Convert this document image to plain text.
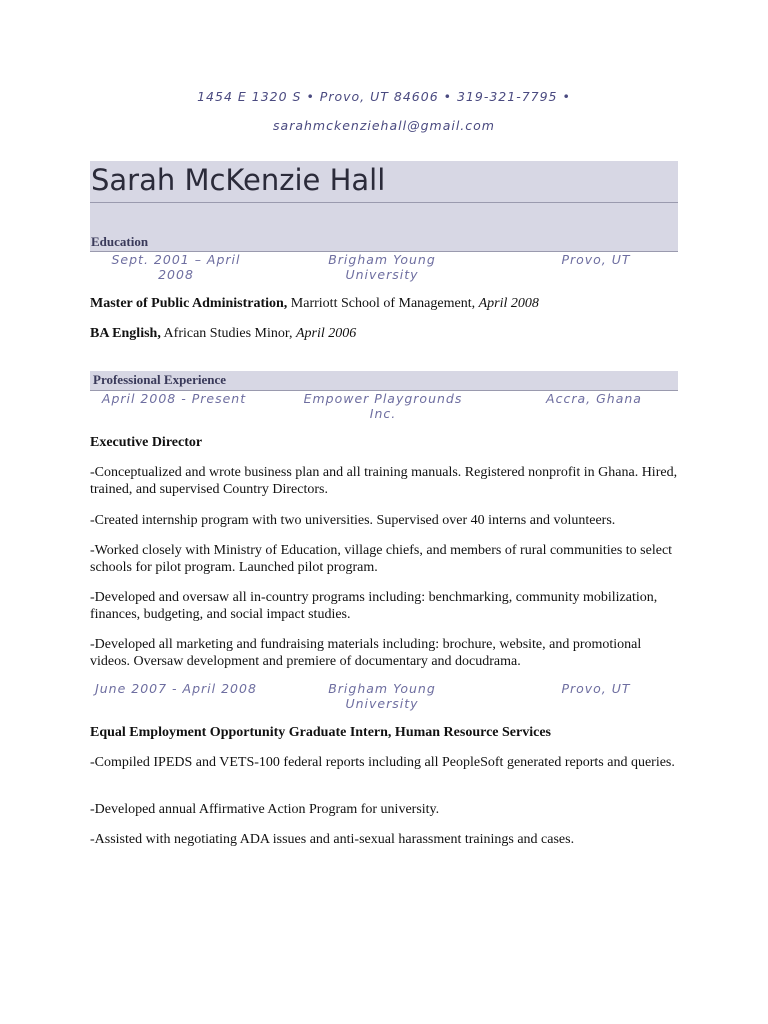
1454 E 1320 S • Provo, UT 84606 • 319-321-7795 •
sarahmckenziehall@gmail.com
Sarah McKenzie Hall
Education
Sept. 2001 – April
2008
Brigham Young
University
Provo, UT
Master of Public Administration, Marriott School of Management, April 2008
BA English, African Studies Minor, April 2006
Professional Experience
April 2008 - Present	Empower Playgrounds
Inc.
Accra, Ghana
Executive Director
-Conceptualized and wrote business plan and all training manuals. Registered nonprofit in Ghana. Hired, trained, and supervised Country Directors.
-Created internship program with two universities. Supervised over 40 interns and volunteers.
-Worked closely with Ministry of Education, village chiefs, and members of rural communities to select schools for pilot program. Launched pilot program.
-Developed and oversaw all in-country programs including: benchmarking, community mobilization, finances, budgeting, and social impact studies.
-Developed all marketing and fundraising materials including: brochure, website, and promotional videos. Oversaw development and premiere of documentary and docudrama.
June 2007 - April 2008	Brigham Young
University
Provo, UT
Equal Employment Opportunity Graduate Intern, Human Resource Services
-Compiled IPEDS and VETS-100 federal reports including all PeopleSoft generated reports and queries.
-Developed annual Affirmative Action Program for university.
-Assisted with negotiating ADA issues and anti-sexual harassment trainings and cases.
